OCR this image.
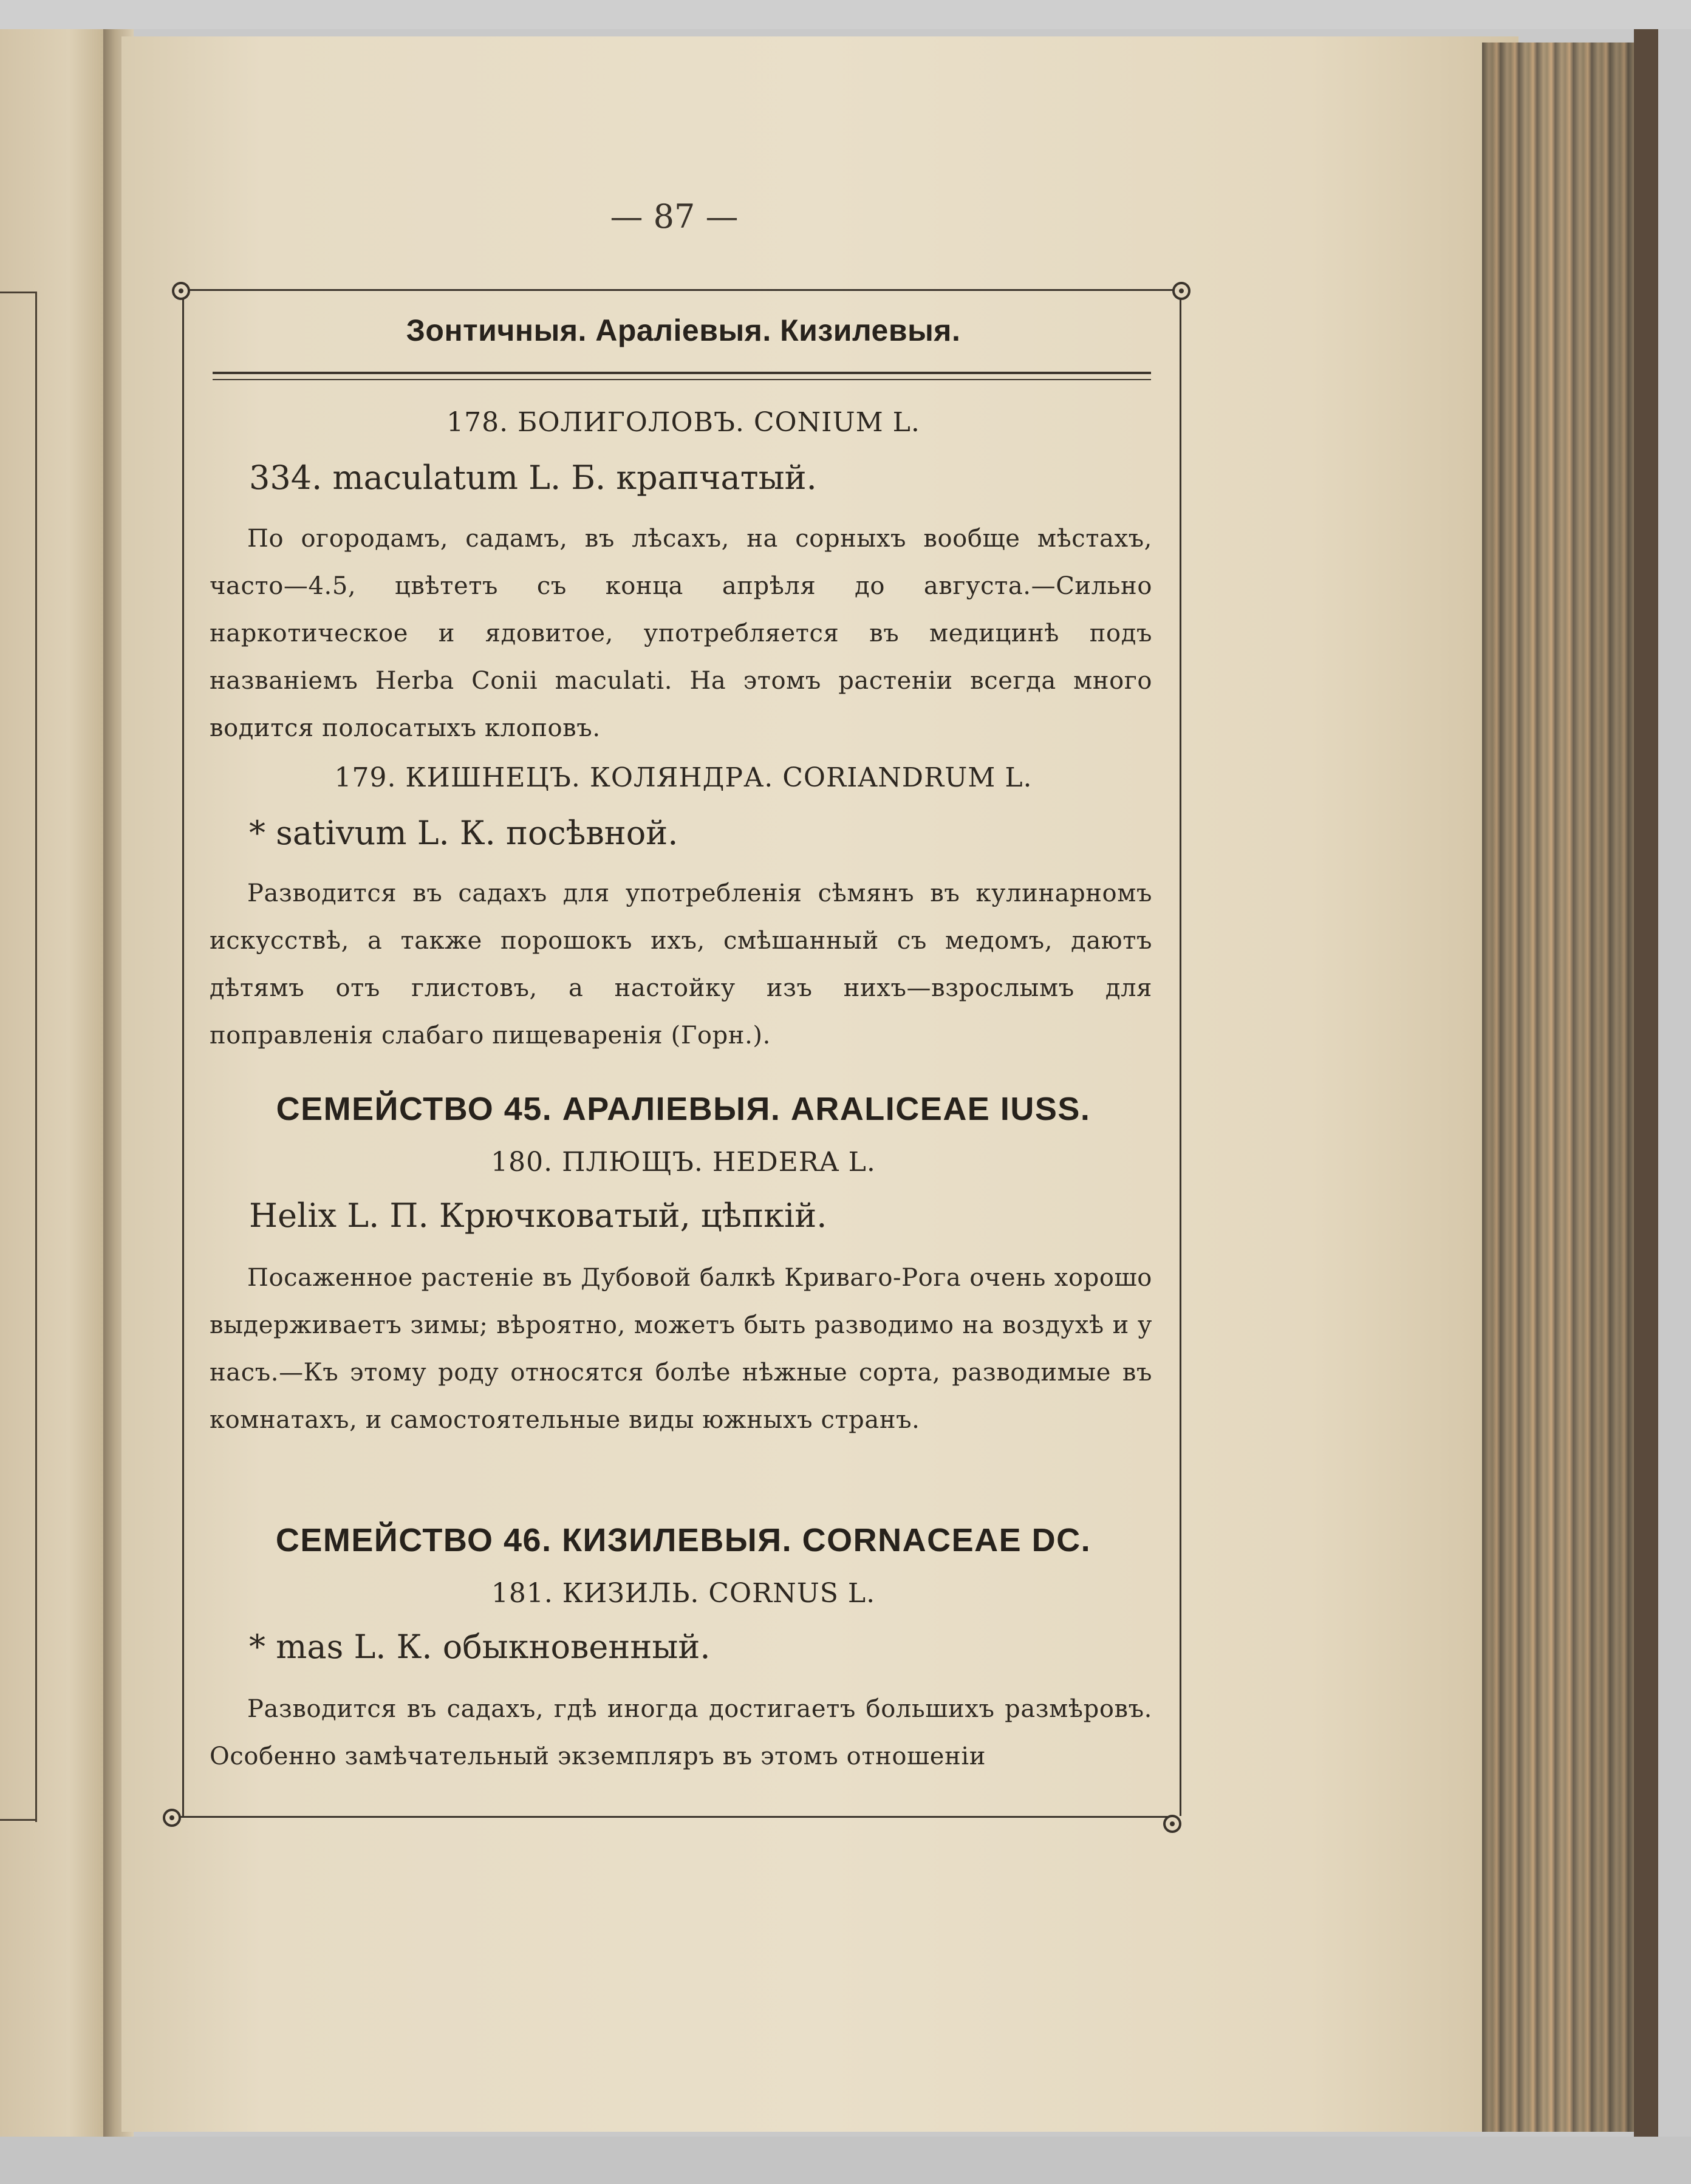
— 87 —
Зонтичныя. Аралiевыя. Кизилевыя.
178. БОЛИГОЛОВЪ. CONIUM L.
334. maculatum L. Б. крапчатый.
По огородамъ, садамъ, въ лѣсахъ, на сорныхъ вообще мѣстахъ, часто—4.5, цвѣтетъ съ конца апрѣля до августа.—Сильно наркотическое и ядовитое, употребляется въ медицинѣ подъ названiемъ Herba Conii maculati. На этомъ растенiи всегда много водится полосатыхъ клоповъ.
179. КИШНЕЦЪ. КОЛЯНДРА. CORIANDRUM L.
* sativum L. К. посѣвной.
Разводится въ садахъ для употребленiя сѣмянъ въ кулинарномъ искусствѣ, а также порошокъ ихъ, смѣшанный съ медомъ, даютъ дѣтямъ отъ глистовъ, а настойку изъ нихъ—взрослымъ для поправленiя слабаго пищеваренiя (Горн.).
СЕМЕЙСТВО 45. АРАЛIЕВЫЯ. ARALICEAE IUSS.
180. ПЛЮЩЪ. HEDERA L.
Helix L. П. Крючковатый, цѣпкiй.
Посаженное растенiе въ Дубовой балкѣ Криваго-Рога очень хорошо выдерживаетъ зимы; вѣроятно, можетъ быть разводимо на воздухѣ и у насъ.—Къ этому роду относятся болѣе нѣжные сорта, разводимые въ комнатахъ, и самостоятельные виды южныхъ странъ.
СЕМЕЙСТВО 46. КИЗИЛЕВЫЯ. CORNACEAE DC.
181. КИЗИЛЬ. CORNUS L.
* mas L. К. обыкновенный.
Разводится въ садахъ, гдѣ иногда достигаетъ большихъ размѣровъ. Особенно замѣчательный экземпляръ въ этомъ отношенiи
